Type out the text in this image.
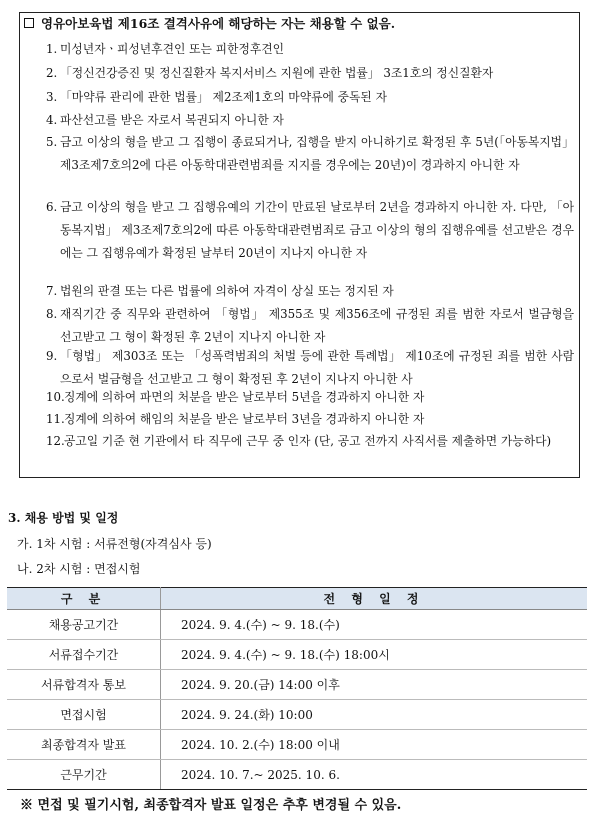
영유아보육법 제16조 결격사유에 해당하는 자는 채용할 수 없음.
1. 미성년자ㆍ피성년후견인 또는 피한정후견인
2. 「정신건강증진 및 정신질환자 복지서비스 지원에 관한 법률」 3조1호의 정신질환자
3. 「마약류 관리에 관한 법률」 제2조제1호의 마약류에 중독된 자
4. 파산선고를 받은 자로서 복권되지 아니한 자
5. 금고 이상의 형을 받고 그 집행이 종료되거나, 집행을 받지 아니하기로 확정된 후 5년(「아동복지법」 제3조제7호의2에 다른 아동학대관련범죄를 지지를 경우에는 20년)이 경과하지 아니한 자
6. 금고 이상의 형을 받고 그 집행유예의 기간이 만료된 날로부터 2년을 경과하지 아니한 자. 다만, 「아동복지법」 제3조제7호의2에 따른 아동학대관련범죄로 금고 이상의 형의 집행유예를 선고받은 경우에는 그 집행유예가 확정된 날부터 20년이 지나지 아니한 자
7. 법원의 판결 또는 다른 법률에 의하여 자격이 상실 또는 정지된 자
8. 재직기간 중 직무와 관련하여 「형법」 제355조 및 제356조에 규정된 죄를 범한 자로서 벌금형을 선고받고 그 형이 확정된 후 2년이 지나지 아니한 자
9. 「형법」 제303조 또는 「성폭력범죄의 처벌 등에 관한 특례법」 제10조에 규정된 죄를 범한 사람으로서 벌금형을 선고받고 그 형이 확정된 후 2년이 지나지 아니한 사
10. 징계에 의하여 파면의 처분을 받은 날로부터 5년을 경과하지 아니한 자
11. 징계에 의하여 해임의 처분을 받은 날로부터 3년을 경과하지 아니한 자
12. 공고일 기준 현 기관에서 타 직무에 근무 중 인자 (단, 공고 전까지 사직서를 제출하면 가능하다)
3. 채용 방법 및 일정
가. 1차 시험 : 서류전형(자격심사 등)
나. 2차 시험 : 면접시험
구 분	전 형 일 정
채용공고기간	2024. 9. 4.(수) ~ 9. 18.(수)
서류접수기간	2024. 9. 4.(수) ~ 9. 18.(수) 18:00시
서류합격자 통보	2024. 9. 20.(금) 14:00 이후
면접시험	2024. 9. 24.(화) 10:00
최종합격자 발표	2024. 10. 2.(수) 18:00 이내
근무기간	2024. 10. 7.~ 2025. 10. 6.
※ 면접 및 필기시험, 최종합격자 발표 일정은 추후 변경될 수 있음.
